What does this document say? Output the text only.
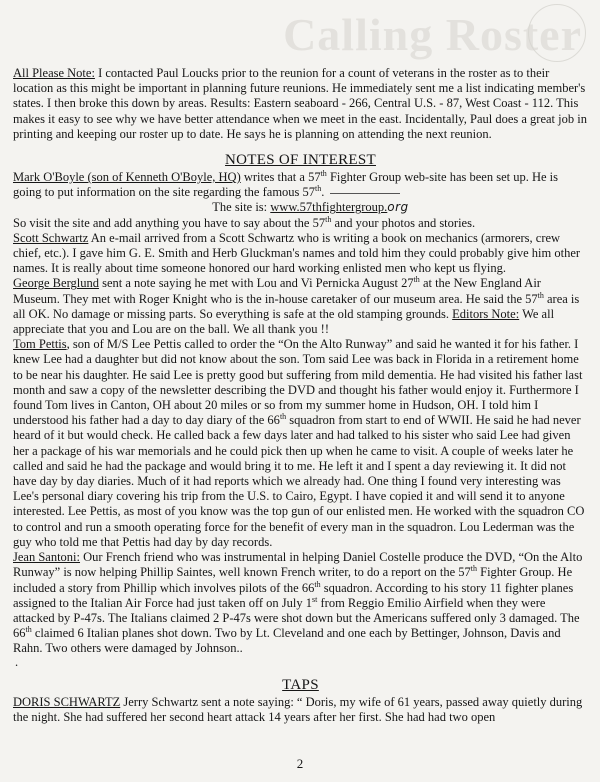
Calling Roster

All Please Note: I contacted Paul Loucks prior to the reunion for a count of veterans in the roster as to their location as this might be important in planning future reunions. He immediately sent me a list indicating member's states. I then broke this down by areas. Results: Eastern seaboard - 266, Central U.S. - 87, West Coast - 112. This makes it easy to see why we have better attendance when we meet in the east. Incidentally, Paul does a great job in printing and keeping our roster up to date. He says he is planning on attending the next reunion.

NOTES OF INTEREST

Mark O'Boyle (son of Kenneth O'Boyle, HQ) writes that a 57th Fighter Group web-site has been set up. He is going to put information on the site regarding the famous 57th.

The site is: www.57thfightergroup.org

So visit the site and add anything you have to say about the 57th and your photos and stories.

Scott Schwartz An e-mail arrived from a Scott Schwartz who is writing a book on mechanics (armorers, crew chief, etc.). I gave him G. E. Smith and Herb Gluckman's names and told him they could probably give him other names. It is really about time someone honored our hard working enlisted men who kept us flying.

George Berglund sent a note saying he met with Lou and Vi Pernicka August 27th at the New England Air Museum. They met with Roger Knight who is the in-house caretaker of our museum area. He said the 57th area is all OK. No damage or missing parts. So everything is safe at the old stamping grounds. Editors Note: We all appreciate that you and Lou are on the ball. We all thank you !!

Tom Pettis, son of M/S Lee Pettis called to order the “On the Alto Runway” and said he wanted it for his father. I knew Lee had a daughter but did not know about the son. Tom said Lee was back in Florida in a retirement home to be near his daughter. He said Lee is pretty good but suffering from mild dementia. He had visited his father last month and saw a copy of the newsletter describing the DVD and thought his father would enjoy it. Furthermore I found Tom lives in Canton, OH about 20 miles or so from my summer home in Hudson, OH. I told him I understood his father had a day to day diary of the 66th squadron from start to end of WWII. He said he had never heard of it but would check. He called back a few days later and had talked to his sister who said Lee had given her a package of his war memorials and he could pick then up when he came to visit. A couple of weeks later he called and said he had the package and would bring it to me. He left it and I spent a day reviewing it. It did not have day by day diaries. Much of it had reports which we already had. One thing I found very interesting was Lee's personal diary covering his trip from the U.S. to Cairo, Egypt. I have copied it and will send it to anyone interested. Lee Pettis, as most of you know was the top gun of our enlisted men. He worked with the squadron CO to control and run a smooth operating force for the benefit of every man in the squadron. Lou Lederman was the guy who told me that Pettis had day by day records.

Jean Santoni: Our French friend who was instrumental in helping Daniel Costelle produce the DVD, “On the Alto Runway” is now helping Phillip Saintes, well known French writer, to do a report on the 57th Fighter Group. He included a story from Phillip which involves pilots of the 66th squadron. According to his story 11 fighter planes assigned to the Italian Air Force had just taken off on July 1st from Reggio Emilio Airfield when they were attacked by P-47s. The Italians claimed 2 P-47s were shot down but the Americans suffered only 3 damaged. The 66th claimed 6 Italian planes shot down. Two by Lt. Cleveland and one each by Bettinger, Johnson, Davis and Rahn. Two others were damaged by Johnson..

.

TAPS

DORIS SCHWARTZ Jerry Schwartz sent a note saying: “ Doris, my wife of 61 years, passed away quietly during the night. She had suffered her second heart attack 14 years after her first. She had had two open

2
